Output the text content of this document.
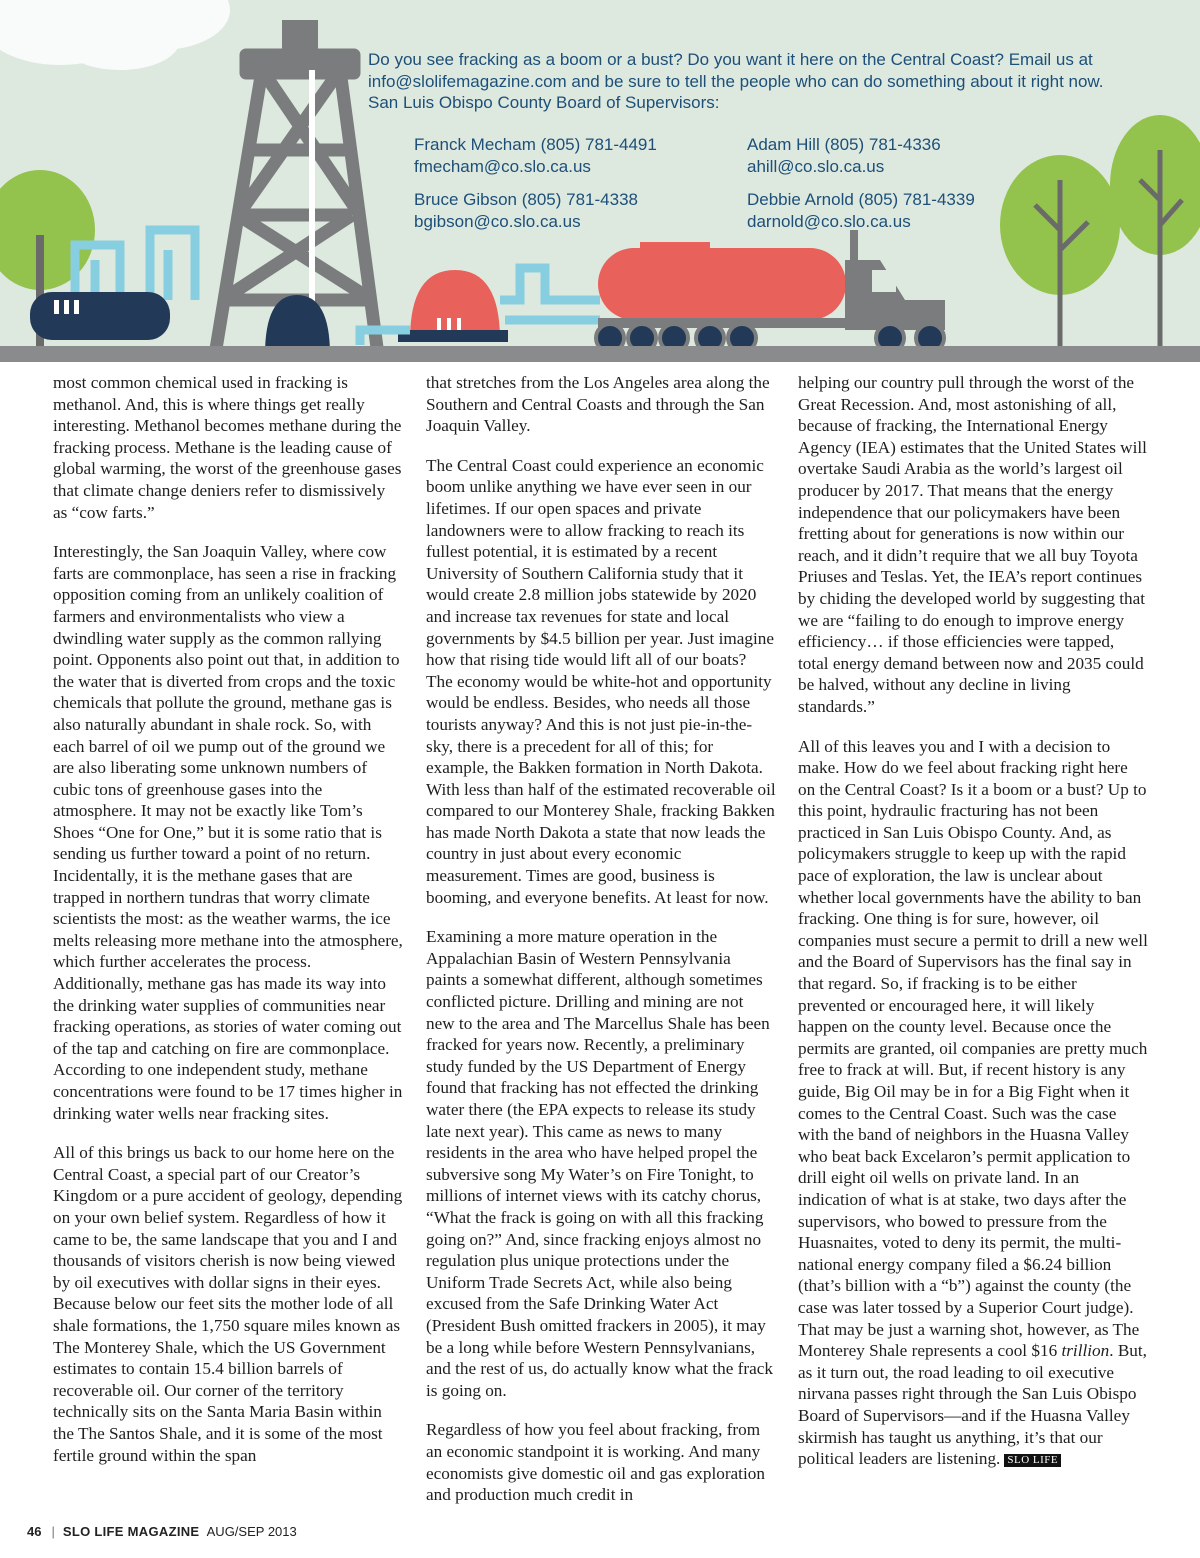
Do you see fracking as a boom or a bust? Do you want it here on the Central Coast? Email us at
info@slolifemagazine.com and be sure to tell the people who can do something about it right now.
San Luis Obispo County Board of Supervisors:
Franck Mecham (805) 781-4491
fmecham@co.slo.ca.us
Adam Hill (805) 781-4336
ahill@co.slo.ca.us
Bruce Gibson (805) 781-4338
bgibson@co.slo.ca.us
Debbie Arnold (805) 781-4339
darnold@co.slo.ca.us

most common chemical used in fracking is methanol. And, this is where things get really interesting. Methanol becomes methane during the fracking process. Methane is the leading cause of global warming, the worst of the greenhouse gases that climate change deniers refer to dismissively as “cow farts.”

Interestingly, the San Joaquin Valley, where cow farts are commonplace, has seen a rise in fracking opposition coming from an unlikely coalition of farmers and environmentalists who view a dwindling water supply as the common rallying point. Opponents also point out that, in addition to the water that is diverted from crops and the toxic chemicals that pollute the ground, methane gas is also naturally abundant in shale rock. So, with each barrel of oil we pump out of the ground we are also liberating some unknown numbers of cubic tons of greenhouse gases into the atmosphere. It may not be exactly like Tom’s Shoes “One for One,” but it is some ratio that is sending us further toward a point of no return. Incidentally, it is the methane gases that are trapped in northern tundras that worry climate scientists the most: as the weather warms, the ice melts releasing more methane into the atmosphere, which further accelerates the process. Additionally, methane gas has made its way into the drinking water supplies of communities near fracking operations, as stories of water coming out of the tap and catching on fire are commonplace. According to one independent study, methane concentrations were found to be 17 times higher in drinking water wells near fracking sites.

All of this brings us back to our home here on the Central Coast, a special part of our Creator’s Kingdom or a pure accident of geology, depending on your own belief system. Regardless of how it came to be, the same landscape that you and I and thousands of visitors cherish is now being viewed by oil executives with dollar signs in their eyes. Because below our feet sits the mother lode of all shale formations, the 1,750 square miles known as The Monterey Shale, which the US Government estimates to contain 15.4 billion barrels of recoverable oil. Our corner of the territory technically sits on the Santa Maria Basin within the The Santos Shale, and it is some of the most fertile ground within the span

that stretches from the Los Angeles area along the Southern and Central Coasts and through the San Joaquin Valley.

The Central Coast could experience an economic boom unlike anything we have ever seen in our lifetimes. If our open spaces and private landowners were to allow fracking to reach its fullest potential, it is estimated by a recent University of Southern California study that it would create 2.8 million jobs statewide by 2020 and increase tax revenues for state and local governments by $4.5 billion per year. Just imagine how that rising tide would lift all of our boats? The economy would be white-hot and opportunity would be endless. Besides, who needs all those tourists anyway? And this is not just pie-in-the-sky, there is a precedent for all of this; for example, the Bakken formation in North Dakota. With less than half of the estimated recoverable oil compared to our Monterey Shale, fracking Bakken has made North Dakota a state that now leads the country in just about every economic measurement. Times are good, business is booming, and everyone benefits. At least for now.

Examining a more mature operation in the Appalachian Basin of Western Pennsylvania paints a somewhat different, although sometimes conflicted picture. Drilling and mining are not new to the area and The Marcellus Shale has been fracked for years now. Recently, a preliminary study funded by the US Department of Energy found that fracking has not effected the drinking water there (the EPA expects to release its study late next year). This came as news to many residents in the area who have helped propel the subversive song My Water’s on Fire Tonight, to millions of internet views with its catchy chorus, “What the frack is going on with all this fracking going on?” And, since fracking enjoys almost no regulation plus unique protections under the Uniform Trade Secrets Act, while also being excused from the Safe Drinking Water Act (President Bush omitted frackers in 2005), it may be a long while before Western Pennsylvanians, and the rest of us, do actually know what the frack is going on.

Regardless of how you feel about fracking, from an economic standpoint it is working. And many economists give domestic oil and gas exploration and production much credit in

helping our country pull through the worst of the Great Recession. And, most astonishing of all, because of fracking, the International Energy Agency (IEA) estimates that the United States will overtake Saudi Arabia as the world’s largest oil producer by 2017. That means that the energy independence that our policymakers have been fretting about for generations is now within our reach, and it didn’t require that we all buy Toyota Priuses and Teslas. Yet, the IEA’s report continues by chiding the developed world by suggesting that we are “failing to do enough to improve energy efficiency… if those efficiencies were tapped, total energy demand between now and 2035 could be halved, without any decline in living standards.”

All of this leaves you and I with a decision to make. How do we feel about fracking right here on the Central Coast? Is it a boom or a bust? Up to this point, hydraulic fracturing has not been practiced in San Luis Obispo County. And, as policymakers struggle to keep up with the rapid pace of exploration, the law is unclear about whether local governments have the ability to ban fracking. One thing is for sure, however, oil companies must secure a permit to drill a new well and the Board of Supervisors has the final say in that regard. So, if fracking is to be either prevented or encouraged here, it will likely happen on the county level. Because once the permits are granted, oil companies are pretty much free to frack at will. But, if recent history is any guide, Big Oil may be in for a Big Fight when it comes to the Central Coast. Such was the case with the band of neighbors in the Huasna Valley who beat back Excelaron’s permit application to drill eight oil wells on private land. In an indication of what is at stake, two days after the supervisors, who bowed to pressure from the Huasnaites, voted to deny its permit, the multi-national energy company filed a $6.24 billion (that’s billion with a “b”) against the county (the case was later tossed by a Superior Court judge). That may be just a warning shot, however, as The Monterey Shale represents a cool $16 trillion. But, as it turn out, the road leading to oil executive nirvana passes right through the San Luis Obispo Board of Supervisors—and if the Huasna Valley skirmish has taught us anything, it’s that our political leaders are listening. SLO LIFE

46 | SLO LIFE MAGAZINE AUG/SEP 2013
